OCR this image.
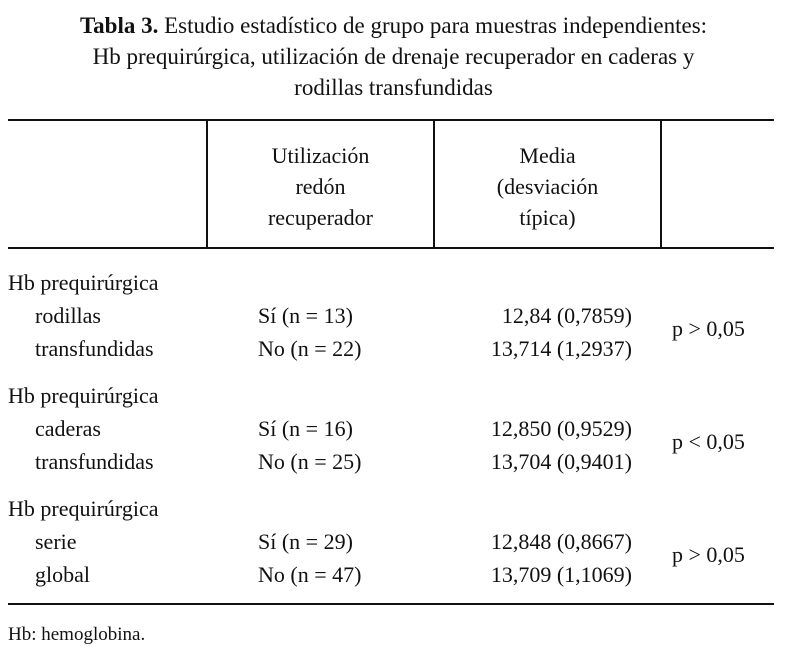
Tabla 3. Estudio estadístico de grupo para muestras independientes:
Hb prequirúrgica, utilización de drenaje recuperador en caderas y
rodillas transfundidas
Utilización
redón
recuperador
Media
(desviación
típica)
Hb prequirúrgica
rodillas
transfundidas
Sí (n = 13)
No (n = 22)
12,84 (0,7859)
13,714 (1,2937)
p > 0,05
Hb prequirúrgica
caderas
transfundidas
Sí (n = 16)
No (n = 25)
12,850 (0,9529)
13,704 (0,9401)
p < 0,05
Hb prequirúrgica
serie
global
Sí (n = 29)
No (n = 47)
12,848 (0,8667)
13,709 (1,1069)
p > 0,05
Hb: hemoglobina.
